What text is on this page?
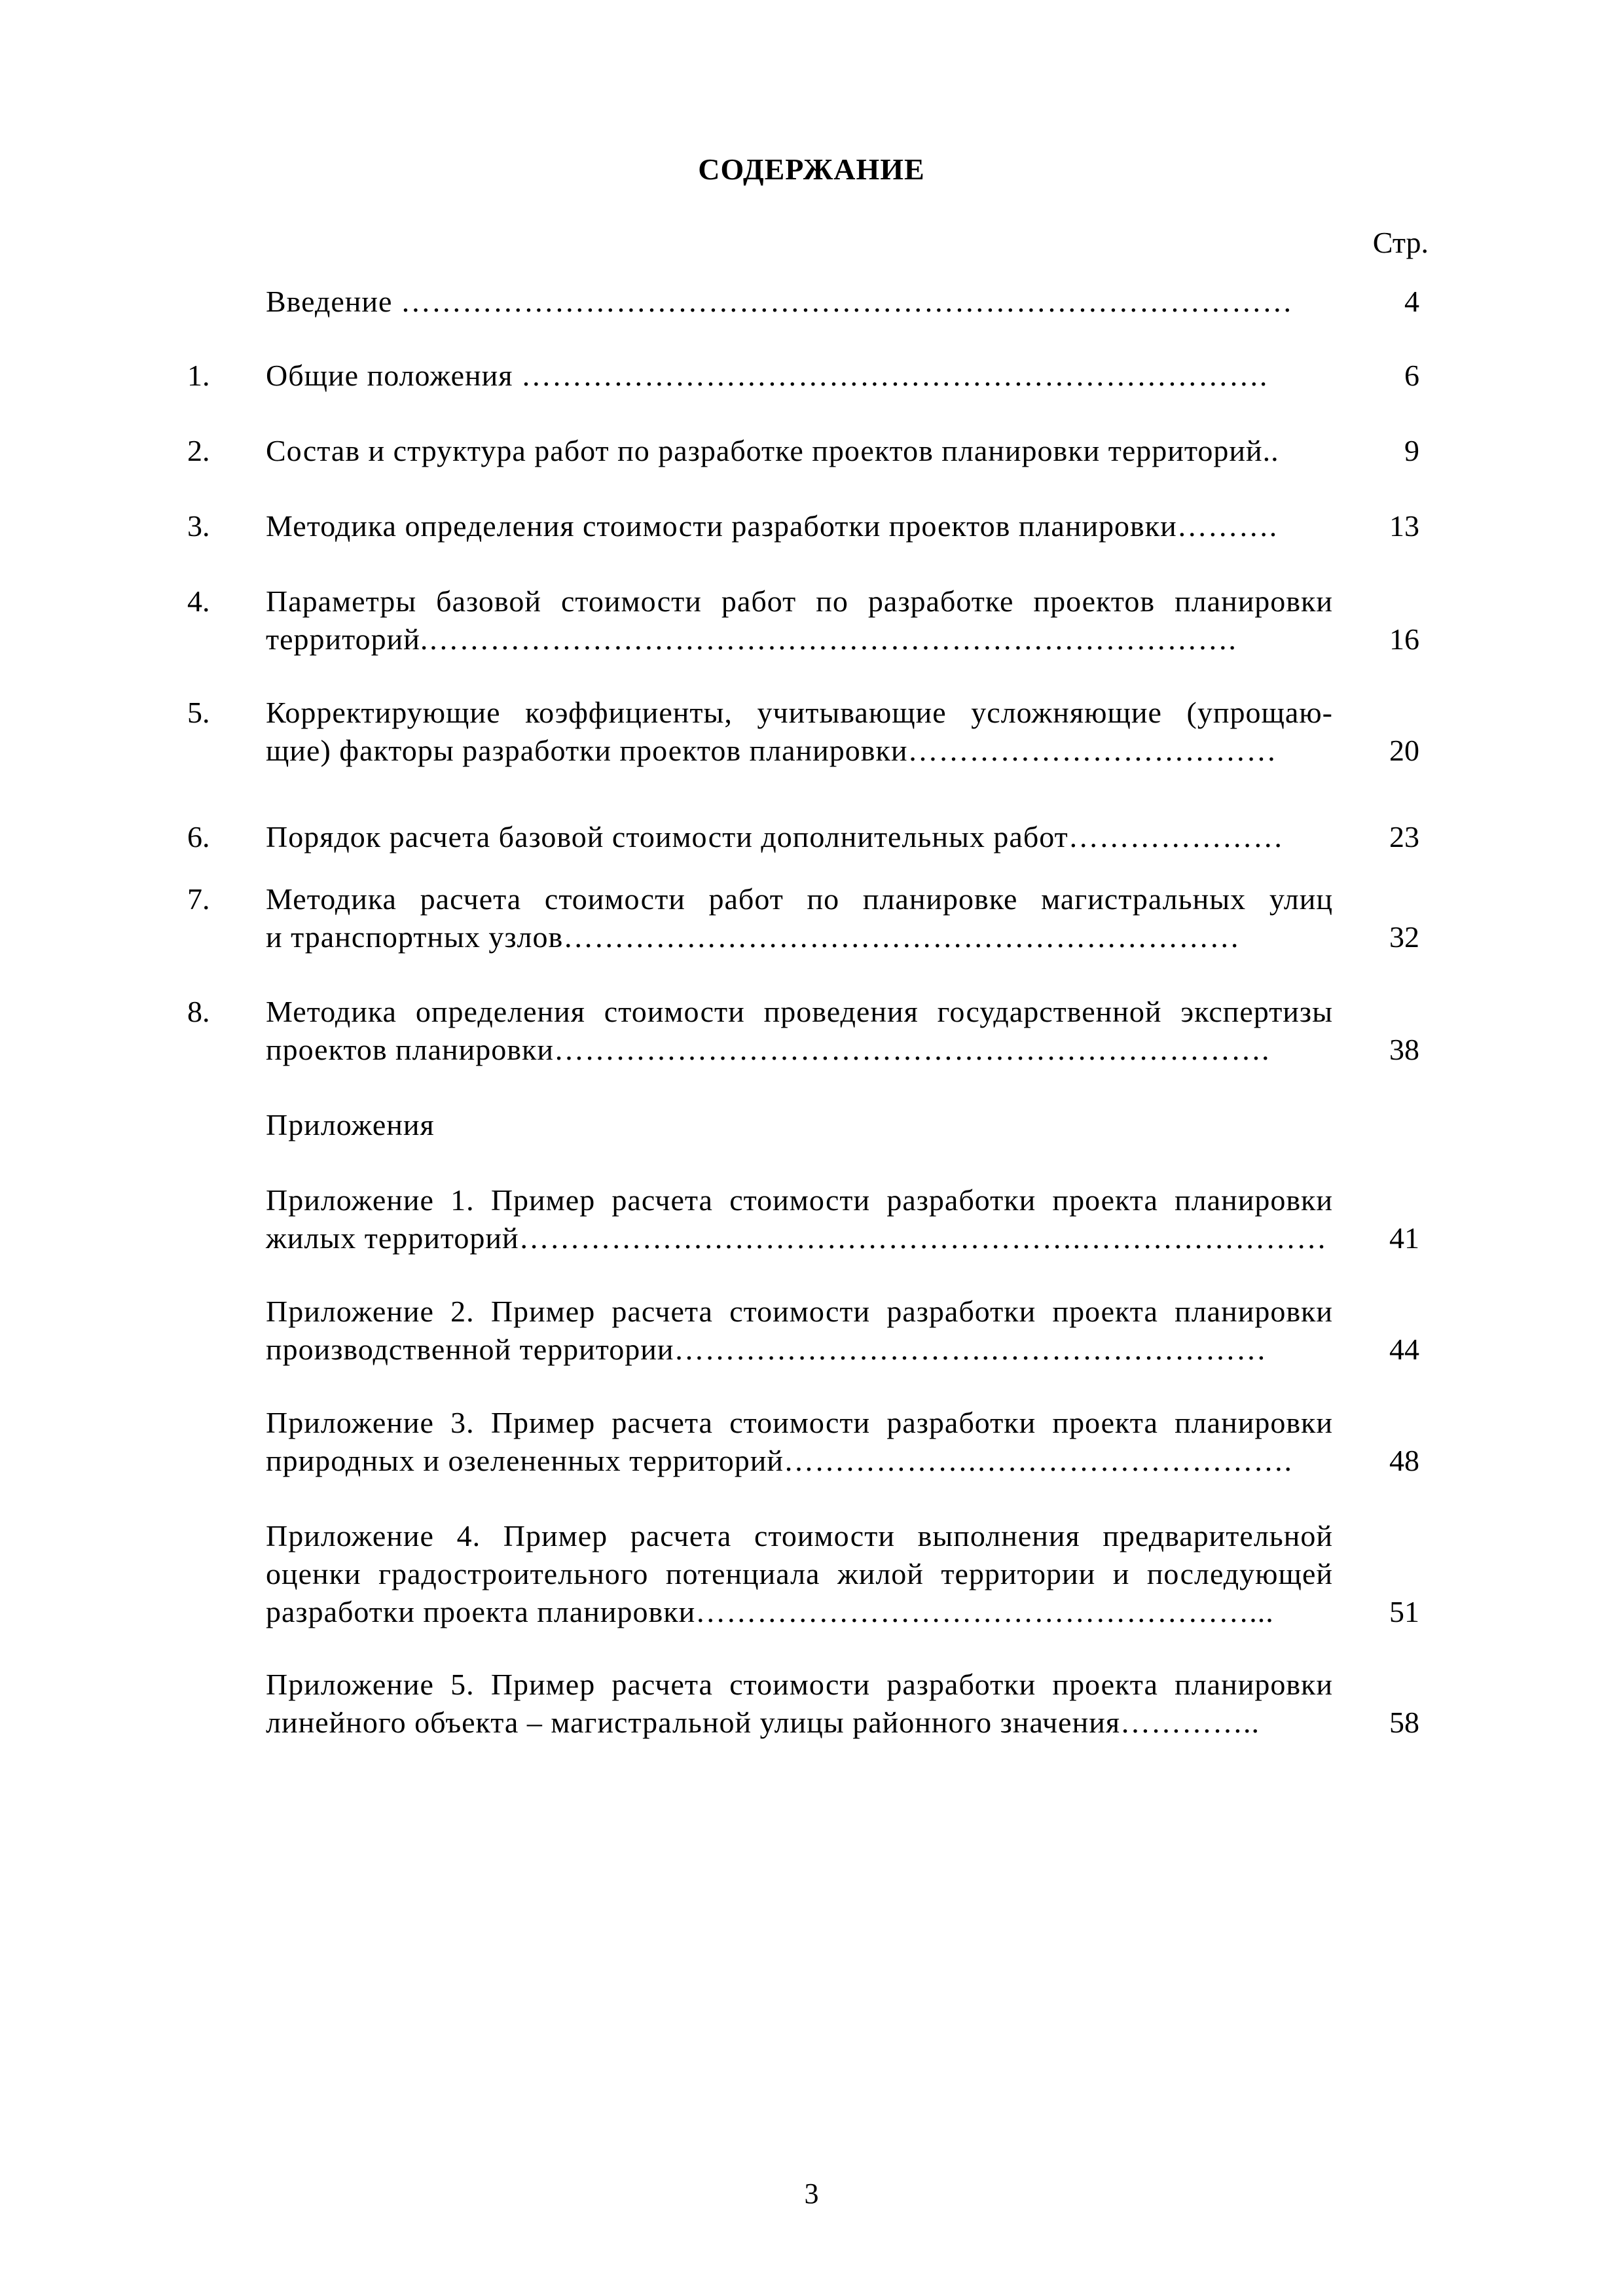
СОДЕРЖАНИЕ
Стр.
Введение ……………………………………………………………………………	4
1. Общие положения ……………………………………………………………….	6
2. Состав и структура работ по разработке проектов планировки территорий..	9
3. Методика определения стоимости разработки проектов планировки……….	13
4. Параметры базовой стоимости работ по разработке проектов планировки
территорий.…………………………………………………………………….	16
5. Корректирующие коэффициенты, учитывающие усложняющие (упрощаю-
щие) факторы разработки проектов планировки………………………………	20
6. Порядок расчета базовой стоимости дополнительных работ…………………	23
7. Методика расчета стоимости работ по планировке магистральных улиц
и транспортных узлов…………………………………………………………	32
8. Методика определения стоимости проведения государственной экспертизы
проектов планировки…………………………………………………………….	38
Приложения
Приложение 1. Пример расчета стоимости разработки проекта планировки
жилых территорий……………………………………………….……………………	41
Приложение 2. Пример расчета стоимости разработки проекта планировки
производственной территории………………………….………………………	44
Приложение 3. Пример расчета стоимости разработки проекта планировки
природных и озелененных территорий……………….………………………….	48
Приложение 4. Пример расчета стоимости выполнения предварительной
оценки градостроительного потенциала жилой территории и последующей
разработки проекта планировки………………………………………………...	51
Приложение 5. Пример расчета стоимости разработки проекта планировки
линейного объекта – магистральной улицы районного значения…………..	58
3
